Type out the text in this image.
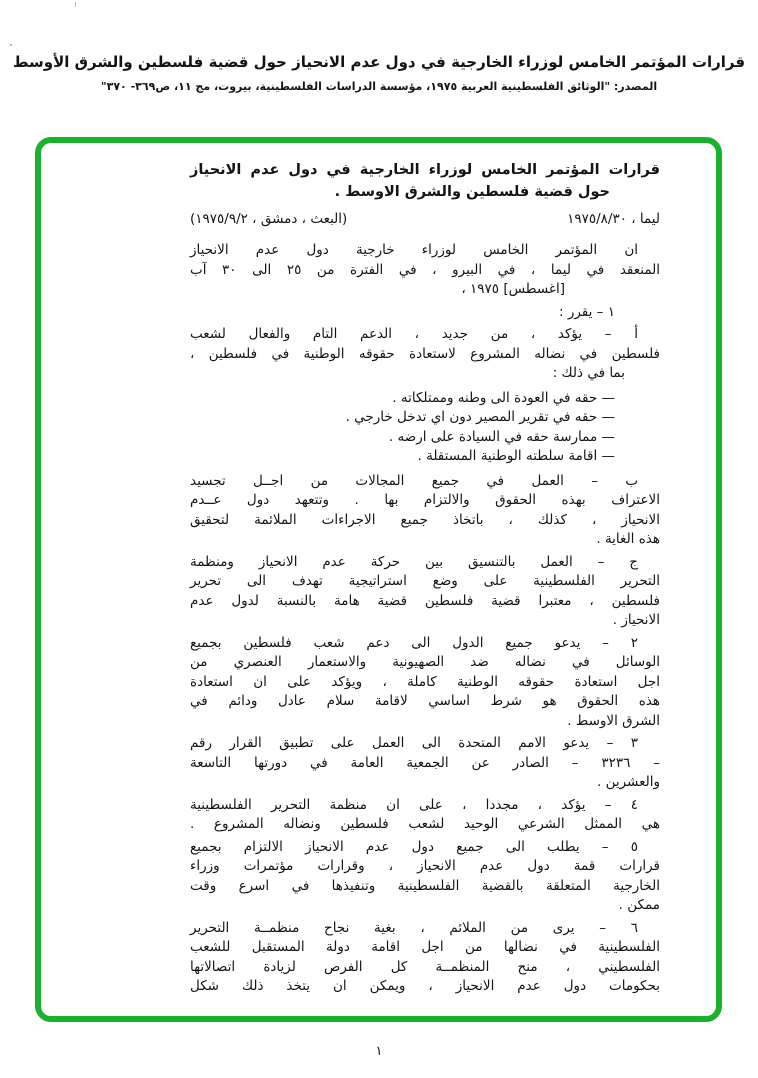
قرارات المؤتمر الخامس لوزراء الخارجية في دول عدم الانحياز حول قضية فلسطين والشرق الأوسط
المصدر: "الوثائق الفلسطينية العربية ١٩٧٥، مؤسسة الدراسات الفلسطينية، بيروت، مج ١١، ص٣٦٩- ٣٧٠"
قرارات المؤتمر الخامس لوزراء الخارجية في دول عدم الانحياز
حول قضية فلسطين والشرق الاوسط .
ليما ، ١٩٧٥/٨/٣٠
(البعث ، دمشق ، ١٩٧٥/٩/٢)
ان المؤتمر الخامس لوزراء خارجية دول عدم الانحياز
المنعقد في ليما ، في البيرو ، في الفترة من ٢٥ الى ٣٠ آب
[اغسطس] ١٩٧٥ ،
١ – يقرر :
أ – يؤكد ، من جديد ، الدعم التام والفعال لشعب
فلسطين في نضاله المشروع لاستعادة حقوقه الوطنية في فلسطين ،
بما في ذلك :
— حقه في العودة الى وطنه وممتلكاته .
— حقه في تقرير المصير دون اي تدخل خارجي .
— ممارسة حقه في السيادة على ارضه .
— اقامة سلطته الوطنية المستقلة .
ب – العمل في جميع المجالات من اجــل تجسيد
الاعتراف بهذه الحقوق والالتزام بها . وتتعهد دول عــدم
الانحياز ، كذلك ، باتخاذ جميع الاجراءات الملائمة لتحقيق
هذه الغاية .
ج – العمل بالتنسيق بين حركة عدم الانحياز ومنظمة
التحرير الفلسطينية على وضع استراتيجية تهدف الى تحرير
فلسطين ، معتبرا قضية فلسطين قضية هامة بالنسبة لدول عدم
الانحياز .
٢ – يدعو جميع الدول الى دعم شعب فلسطين بجميع
الوسائل في نضاله ضد الصهيونية والاستعمار العنصري من
اجل استعادة حقوقه الوطنية كاملة ، ويؤكد على ان استعادة
هذه الحقوق هو شرط اساسي لاقامة سلام عادل ودائم في
الشرق الاوسط .
٣ – يدعو الامم المتحدة الى العمل على تطبيق القرار رقم
– ٣٢٣٦ – الصادر عن الجمعية العامة في دورتها التاسعة
والعشرين .
٤ – يؤكد ، مجددا ، على ان منظمة التحرير الفلسطينية
هي الممثل الشرعي الوحيد لشعب فلسطين ونضاله المشروع .
٥ – يطلب الى جميع دول عدم الانحياز الالتزام بجميع
قرارات قمة دول عدم الانحياز ، وقرارات مؤتمرات وزراء
الخارجية المتعلقة بالقضية الفلسطينية وتنفيذها في اسرع وقت
ممكن .
٦ – يرى من الملائم ، بغية نجاح منظمــة التحرير
الفلسطينية في نضالها من اجل اقامة دولة المستقبل للشعب
الفلسطيني ، منح المنظمــة كل الفرص لزيادة اتصالاتها
بحكومات دول عدم الانحياز ، ويمكن ان يتخذ ذلك شكل
١
